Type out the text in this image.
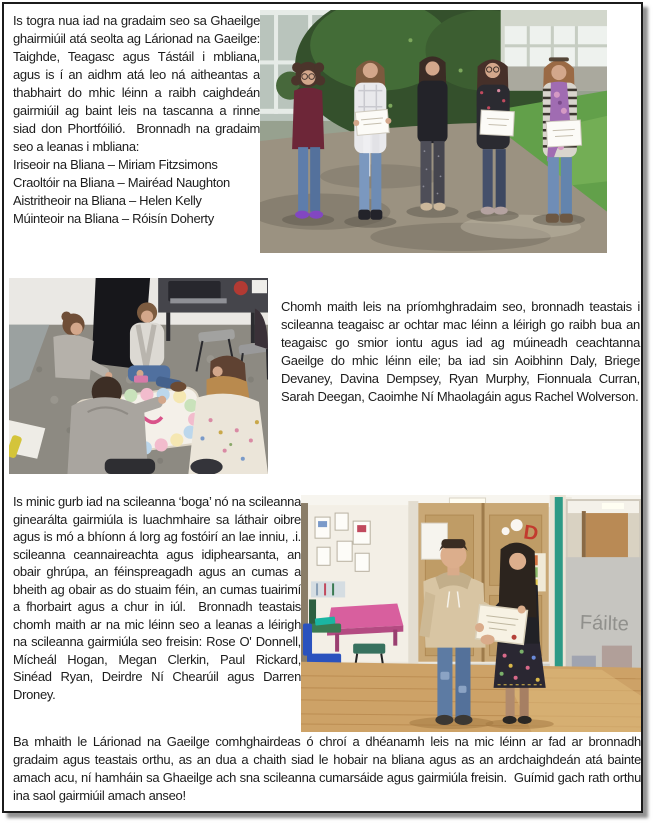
Is togra nua iad na gradaim seo sa Ghaeilge ghairmiúil atá seolta ag Lárionad na Gaeilge: Taighde, Teagasc agus Tástáil i mbliana, agus is í an aidhm atá leo ná aitheantas a thabhairt do mhic léinn a raibh caighdeán gairmiúil ag baint leis na tascanna a rinne siad don Phortfóilió.  Bronnadh na gradaim seo a leanas i mbliana:

Iriseoir na Bliana – Miriam Fitzsimons
Craoltóir na Bliana – Mairéad Naughton
Aistritheoir na Bliana – Helen Kelly
Múinteoir na Bliana – Róisín Doherty

Chomh maith leis na príomhghradaim seo, bronnadh teastais i scileanna teagaisc ar ochtar mac léinn a léirigh go raibh bua an teagaisc go smior iontu agus iad ag múineadh ceachtanna Gaeilge do mhic léinn eile; ba iad sin Aoibhinn Daly, Briege Devaney, Davina Dempsey, Ryan Murphy, Fionnuala Curran, Sarah Deegan, Caoimhe Ní Mhaolagáin agus Rachel Wolverson.

Is minic gurb iad na scileanna ‘boga’ nó na scileanna ginearálta gairmiúla is luachmhaire sa láthair oibre agus is mó a bhíonn á lorg ag fostóirí an lae inniu, .i. scileanna ceannaireachta agus idiphearsanta, an obair ghrúpa, an féinspreagadh agus an cumas a bheith ag obair as do stuaim féin, an cumas tuairimí a fhorbairt agus a chur in iúl.  Bronnadh teastais chomh maith ar na mic léinn seo a leanas a léirigh na scileanna gairmiúla seo freisin: Rose O' Donnell, Mícheál Hogan, Megan Clerkin, Paul Rickard, Sinéad Ryan, Deirdre Ní Chearúil agus Darren Droney.

D
Fáilte

Ba mhaith le Lárionad na Gaeilge comhghairdeas ó chroí a dhéanamh leis na mic léinn ar fad ar bronnadh gradaim agus teastais orthu, as an dua a chaith siad le hobair na bliana agus as an ardchaighdeán atá bainte amach acu, ní hamháin sa Ghaeilge ach sna scileanna cumarsáide agus gairmiúla freisin.  Guímid gach rath orthu ina saol gairmiúil amach anseo!
